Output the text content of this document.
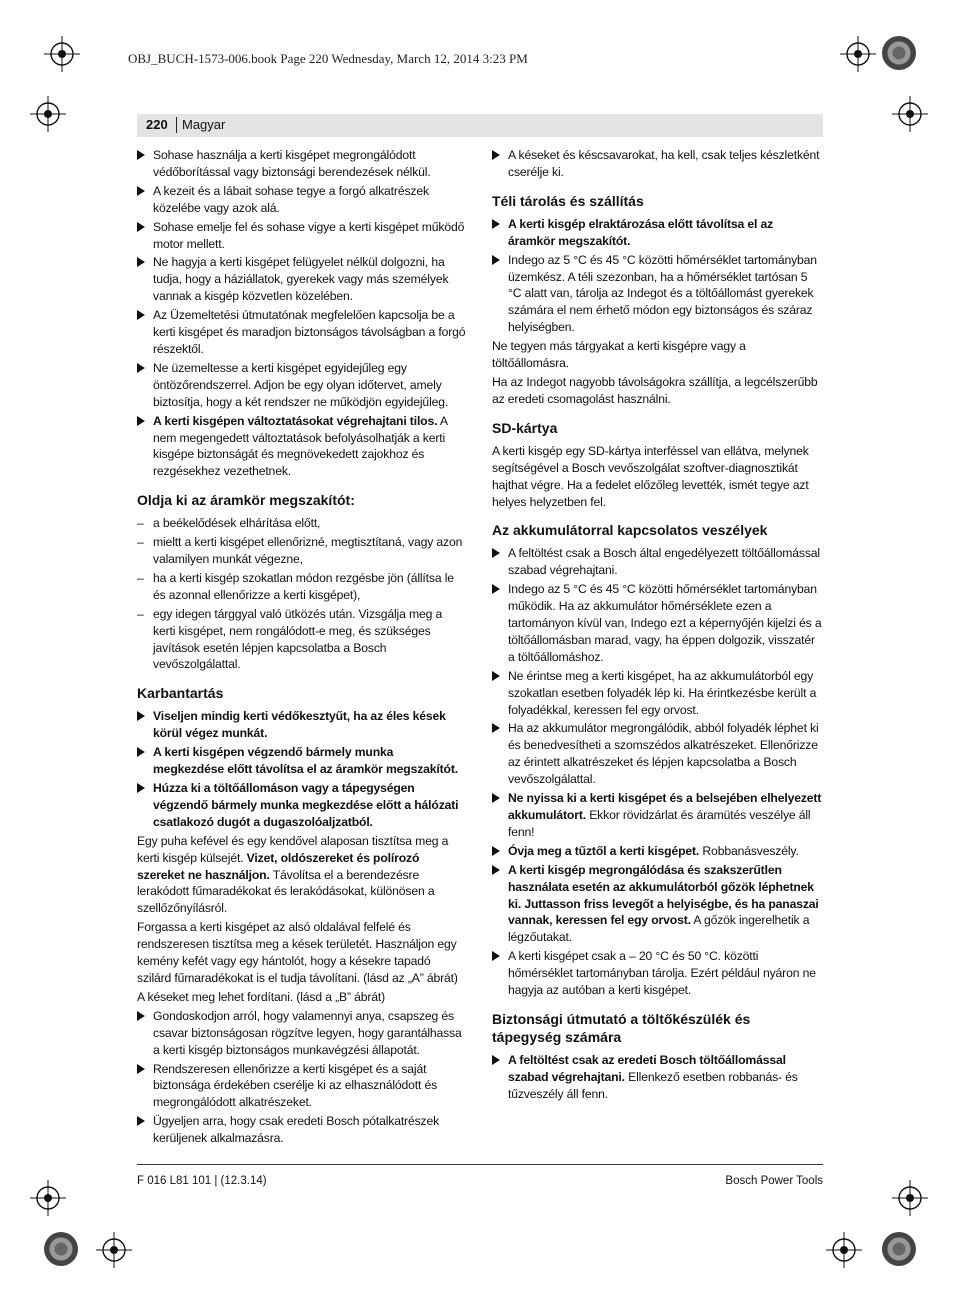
OBJ_BUCH-1573-006.book Page 220 Wednesday, March 12, 2014 3:23 PM
220 Magyar

Sohase használja a kerti kisgépet megrongálódott védőborítással vagy biztonsági berendezések nélkül.

A kezeit és a lábait sohase tegye a forgó alkatrészek közelébe vagy azok alá.

Sohase emelje fel és sohase vigye a kerti kisgépet működő motor mellett.

Ne hagyja a kerti kisgépet felügyelet nélkül dolgozni, ha tudja, hogy a háziállatok, gyerekek vagy más személyek vannak a kisgép közvetlen közelében.

Az Üzemeltetési útmutatónak megfelelően kapcsolja be a kerti kisgépet és maradjon biztonságos távolságban a forgó részektől.

Ne üzemeltesse a kerti kisgépet egyidejűleg egy öntözőrendszerrel. Adjon be egy olyan időtervet, amely biztosítja, hogy a két rendszer ne működjön egyidejűleg.

A kerti kisgépen változtatásokat végrehajtani tilos. A nem megengedett változtatások befolyásolhatják a kerti kisgépe biztonságát és megnövekedett zajokhoz és rezgésekhez vezethetnek.

Oldja ki az áramkör megszakítót:

– a beékelődések elhárítása előtt,

– mieltt a kerti kisgépet ellenőrizné, megtisztítaná, vagy azon valamilyen munkát végezne,

– ha a kerti kisgép szokatlan módon rezgésbe jön (állítsa le és azonnal ellenőrizze a kerti kisgépet),

– egy idegen tárggyal való ütközés után. Vizsgálja meg a kerti kisgépet, nem rongálódott-e meg, és szükséges javítások esetén lépjen kapcsolatba a Bosch vevőszolgálattal.

Karbantartás

Viseljen mindig kerti védőkesztyűt, ha az éles kések körül végez munkát.

A kerti kisgépen végzendő bármely munka megkezdése előtt távolítsa el az áramkör megszakítót.

Húzza ki a töltőállomáson vagy a tápegységen végzendő bármely munka megkezdése előtt a hálózati csatlakozó dugót a dugaszolóaljzatból.

Egy puha kefével és egy kendővel alaposan tisztítsa meg a kerti kisgép külsejét. Vizet, oldószereket és polírozó szereket ne használjon. Távolítsa el a berendezésre lerakódott fűmaradékokat és lerakódásokat, különösen a szellőzőnyílásról.

Forgassa a kerti kisgépet az alsó oldalával felfelé és rendszeresen tisztítsa meg a kések területét. Használjon egy kemény kefét vagy egy hántolót, hogy a késekre tapadó szilárd fűmaradékokat is el tudja távolítani. (lásd az „A” ábrát)

A késeket meg lehet fordítani. (lásd a „B” ábrát)

Gondoskodjon arról, hogy valamennyi anya, csapszeg és csavar biztonságosan rögzítve legyen, hogy garantálhassa a kerti kisgép biztonságos munkavégzési állapotát.

Rendszeresen ellenőrizze a kerti kisgépet és a saját biztonsága érdekében cserélje ki az elhasználódott és megrongálódott alkatrészeket.

Ügyeljen arra, hogy csak eredeti Bosch pótalkatrészek kerüljenek alkalmazásra.

A késeket és késcsavarokat, ha kell, csak teljes készletként cserélje ki.

Téli tárolás és szállítás

A kerti kisgép elraktározása előtt távolítsa el az áramkör megszakítót.

Indego az 5 °C és 45 °C közötti hőmérséklet tartományban üzemkész. A téli szezonban, ha a hőmérséklet tartósan 5 °C alatt van, tárolja az Indegot és a töltőállomást gyerekek számára el nem érhető módon egy biztonságos és száraz helyiségben.

Ne tegyen más tárgyakat a kerti kisgépre vagy a töltőállomásra.

Ha az Indegot nagyobb távolságokra szállítja, a legcélszerűbb az eredeti csomagolást használni.

SD-kártya

A kerti kisgép egy SD-kártya interféssel van ellátva, melynek segítségével a Bosch vevőszolgálat szoftver-diagnosztikát hajthat végre. Ha a fedelet előzőleg levették, ismét tegye azt helyes helyzetben fel.

Az akkumulátorral kapcsolatos veszélyek

A feltöltést csak a Bosch által engedélyezett töltőállomással szabad végrehajtani.

Indego az 5 °C és 45 °C közötti hőmérséklet tartományban működik. Ha az akkumulátor hőmérséklete ezen a tartományon kívül van, Indego ezt a képernyőjén kijelzi és a töltőállomásban marad, vagy, ha éppen dolgozik, visszatér a töltőállomáshoz.

Ne érintse meg a kerti kisgépet, ha az akkumulátorból egy szokatlan esetben folyadék lép ki. Ha érintkezésbe került a folyadékkal, keressen fel egy orvost.

Ha az akkumulátor megrongálódik, abból folyadék léphet ki és benedvesítheti a szomszédos alkatrészeket. Ellenőrizze az érintett alkatrészeket és lépjen kapcsolatba a Bosch vevőszolgálattal.

Ne nyissa ki a kerti kisgépet és a belsejében elhelyezett akkumulátort. Ekkor rövidzárlat és áramütés veszélye áll fenn!

Óvja meg a tűztől a kerti kisgépet. Robbanásveszély.

A kerti kisgép megrongálódása és szakszerűtlen használata esetén az akkumulátorból gőzök léphetnek ki. Juttasson friss levegőt a helyiségbe, és ha panaszai vannak, keressen fel egy orvost. A gőzök ingerelhetik a légzőutakat.

A kerti kisgépet csak a – 20 °C és 50 °C. közötti hőmérséklet tartományban tárolja. Ezért például nyáron ne hagyja az autóban a kerti kisgépet.

Biztonsági útmutató a töltőkészülék és tápegység számára

A feltöltést csak az eredeti Bosch töltőállomással szabad végrehajtani. Ellenkező esetben robbanás- és tűzveszély áll fenn.

F 016 L81 101 | (12.3.14)	Bosch Power Tools
